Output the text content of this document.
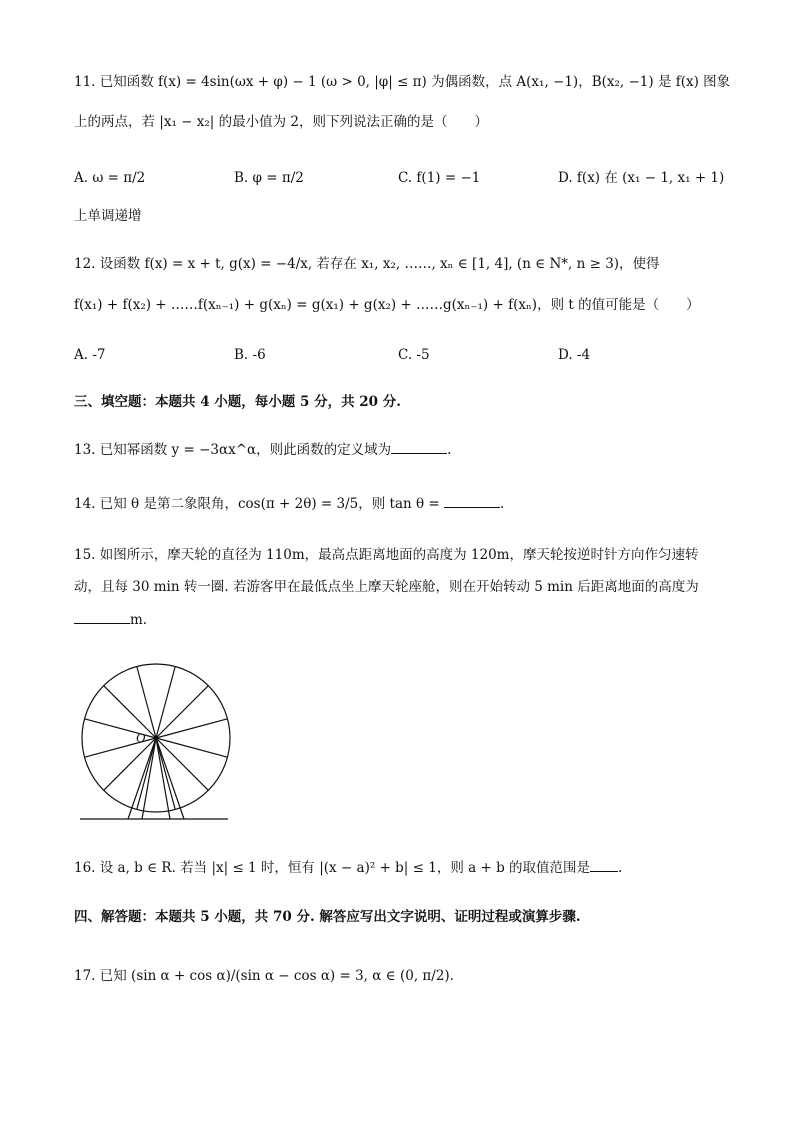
11. 已知函数 f(x) = 4sin(ωx + φ) − 1 (ω > 0, |φ| ≤ π) 为偶函数，点 A(x₁, −1)，B(x₂, −1) 是 f(x) 图象
上的两点，若 |x₁ − x₂| 的最小值为 2，则下列说法正确的是（　　）
A. ω = π/2	B. φ = π/2	C. f(1) = −1	D. f(x) 在 (x₁ − 1, x₁ + 1)
上单调递增
12. 设函数 f(x) = x + t, g(x) = −4/x, 若存在 x₁, x₂, ……, xₙ ∈ [1, 4], (n ∈ N*, n ≥ 3)，使得
f(x₁) + f(x₂) + ……f(xₙ₋₁) + g(xₙ) = g(x₁) + g(x₂) + ……g(xₙ₋₁) + f(xₙ)，则 t 的值可能是（　　）
A. -7	B. -6	C. -5	D. -4
三、填空题：本题共 4 小题，每小题 5 分，共 20 分.
13. 已知幂函数 y = −3αx^α，则此函数的定义域为	.
14. 已知 θ 是第二象限角，cos(π + 2θ) = 3/5，则 tan θ =	.
15. 如图所示，摩天轮的直径为 110m，最高点距离地面的高度为 120m，摩天轮按逆时针方向作匀速转
动，且每 30 min 转一圈. 若游客甲在最低点坐上摩天轮座舱，则在开始转动 5 min 后距离地面的高度为
m.
O
16. 设 a, b ∈ R. 若当 |x| ≤ 1 时，恒有 |(x − a)² + b| ≤ 1，则 a + b 的取值范围是 .
四、解答题：本题共 5 小题，共 70 分. 解答应写出文字说明、证明过程或演算步骤.
17. 已知 (sin α + cos α)/(sin α − cos α) = 3, α ∈ (0, π/2).
